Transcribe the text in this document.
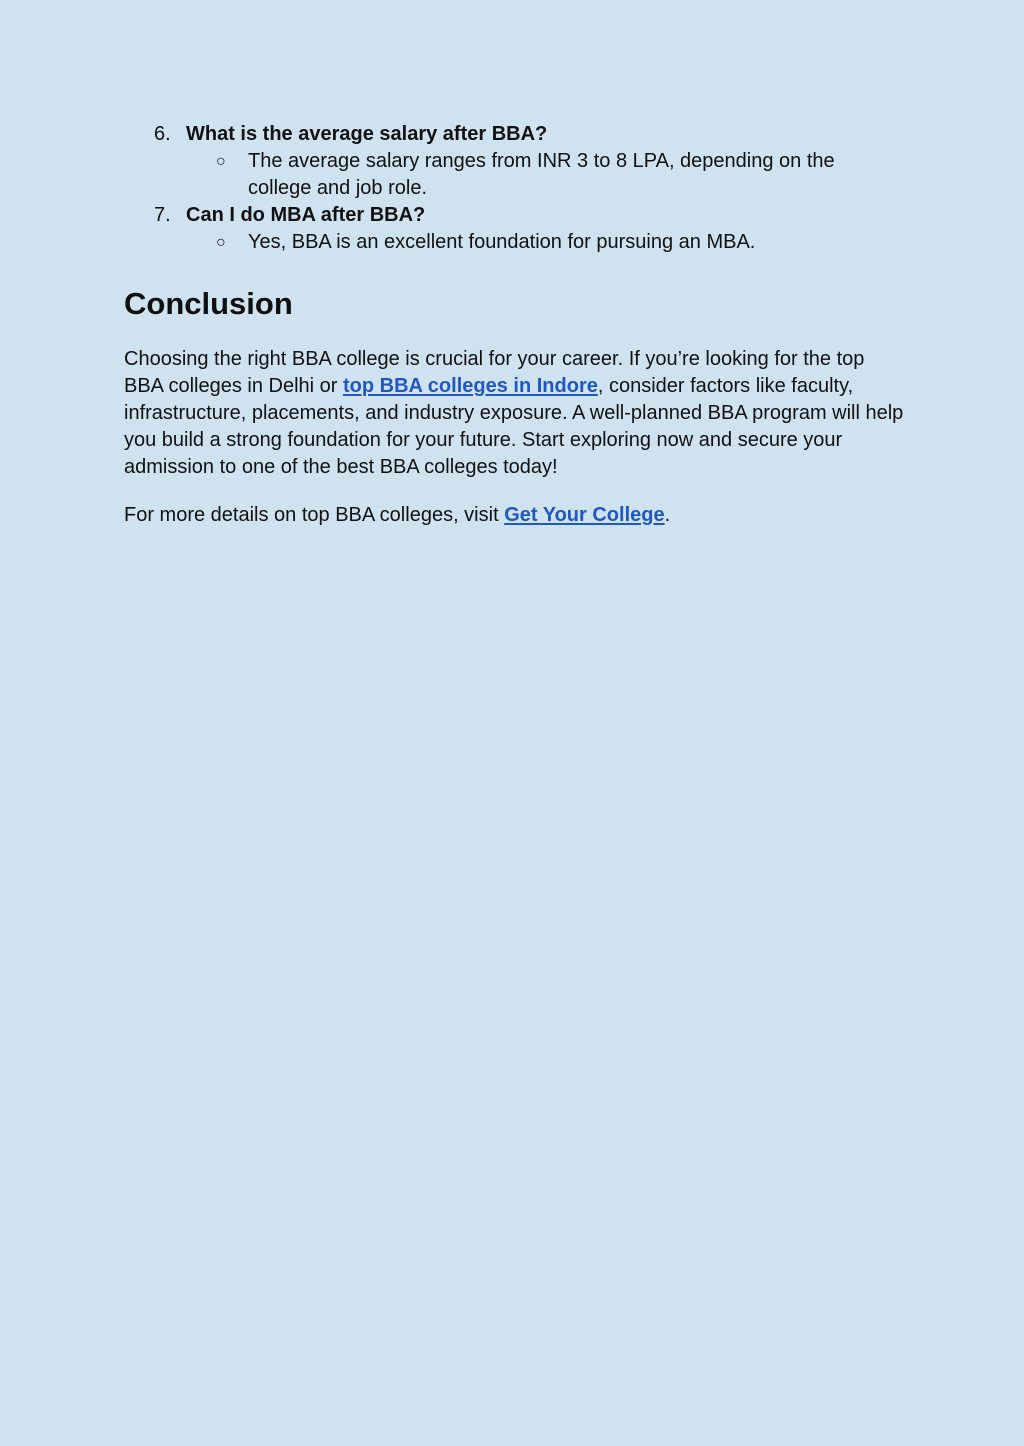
6. What is the average salary after BBA?
○ The average salary ranges from INR 3 to 8 LPA, depending on the college and job role.
7. Can I do MBA after BBA?
○ Yes, BBA is an excellent foundation for pursuing an MBA.
Conclusion

Choosing the right BBA college is crucial for your career. If you’re looking for the top BBA colleges in Delhi or top BBA colleges in Indore, consider factors like faculty, infrastructure, placements, and industry exposure. A well-planned BBA program will help you build a strong foundation for your future. Start exploring now and secure your admission to one of the best BBA colleges today!

For more details on top BBA colleges, visit Get Your College.
